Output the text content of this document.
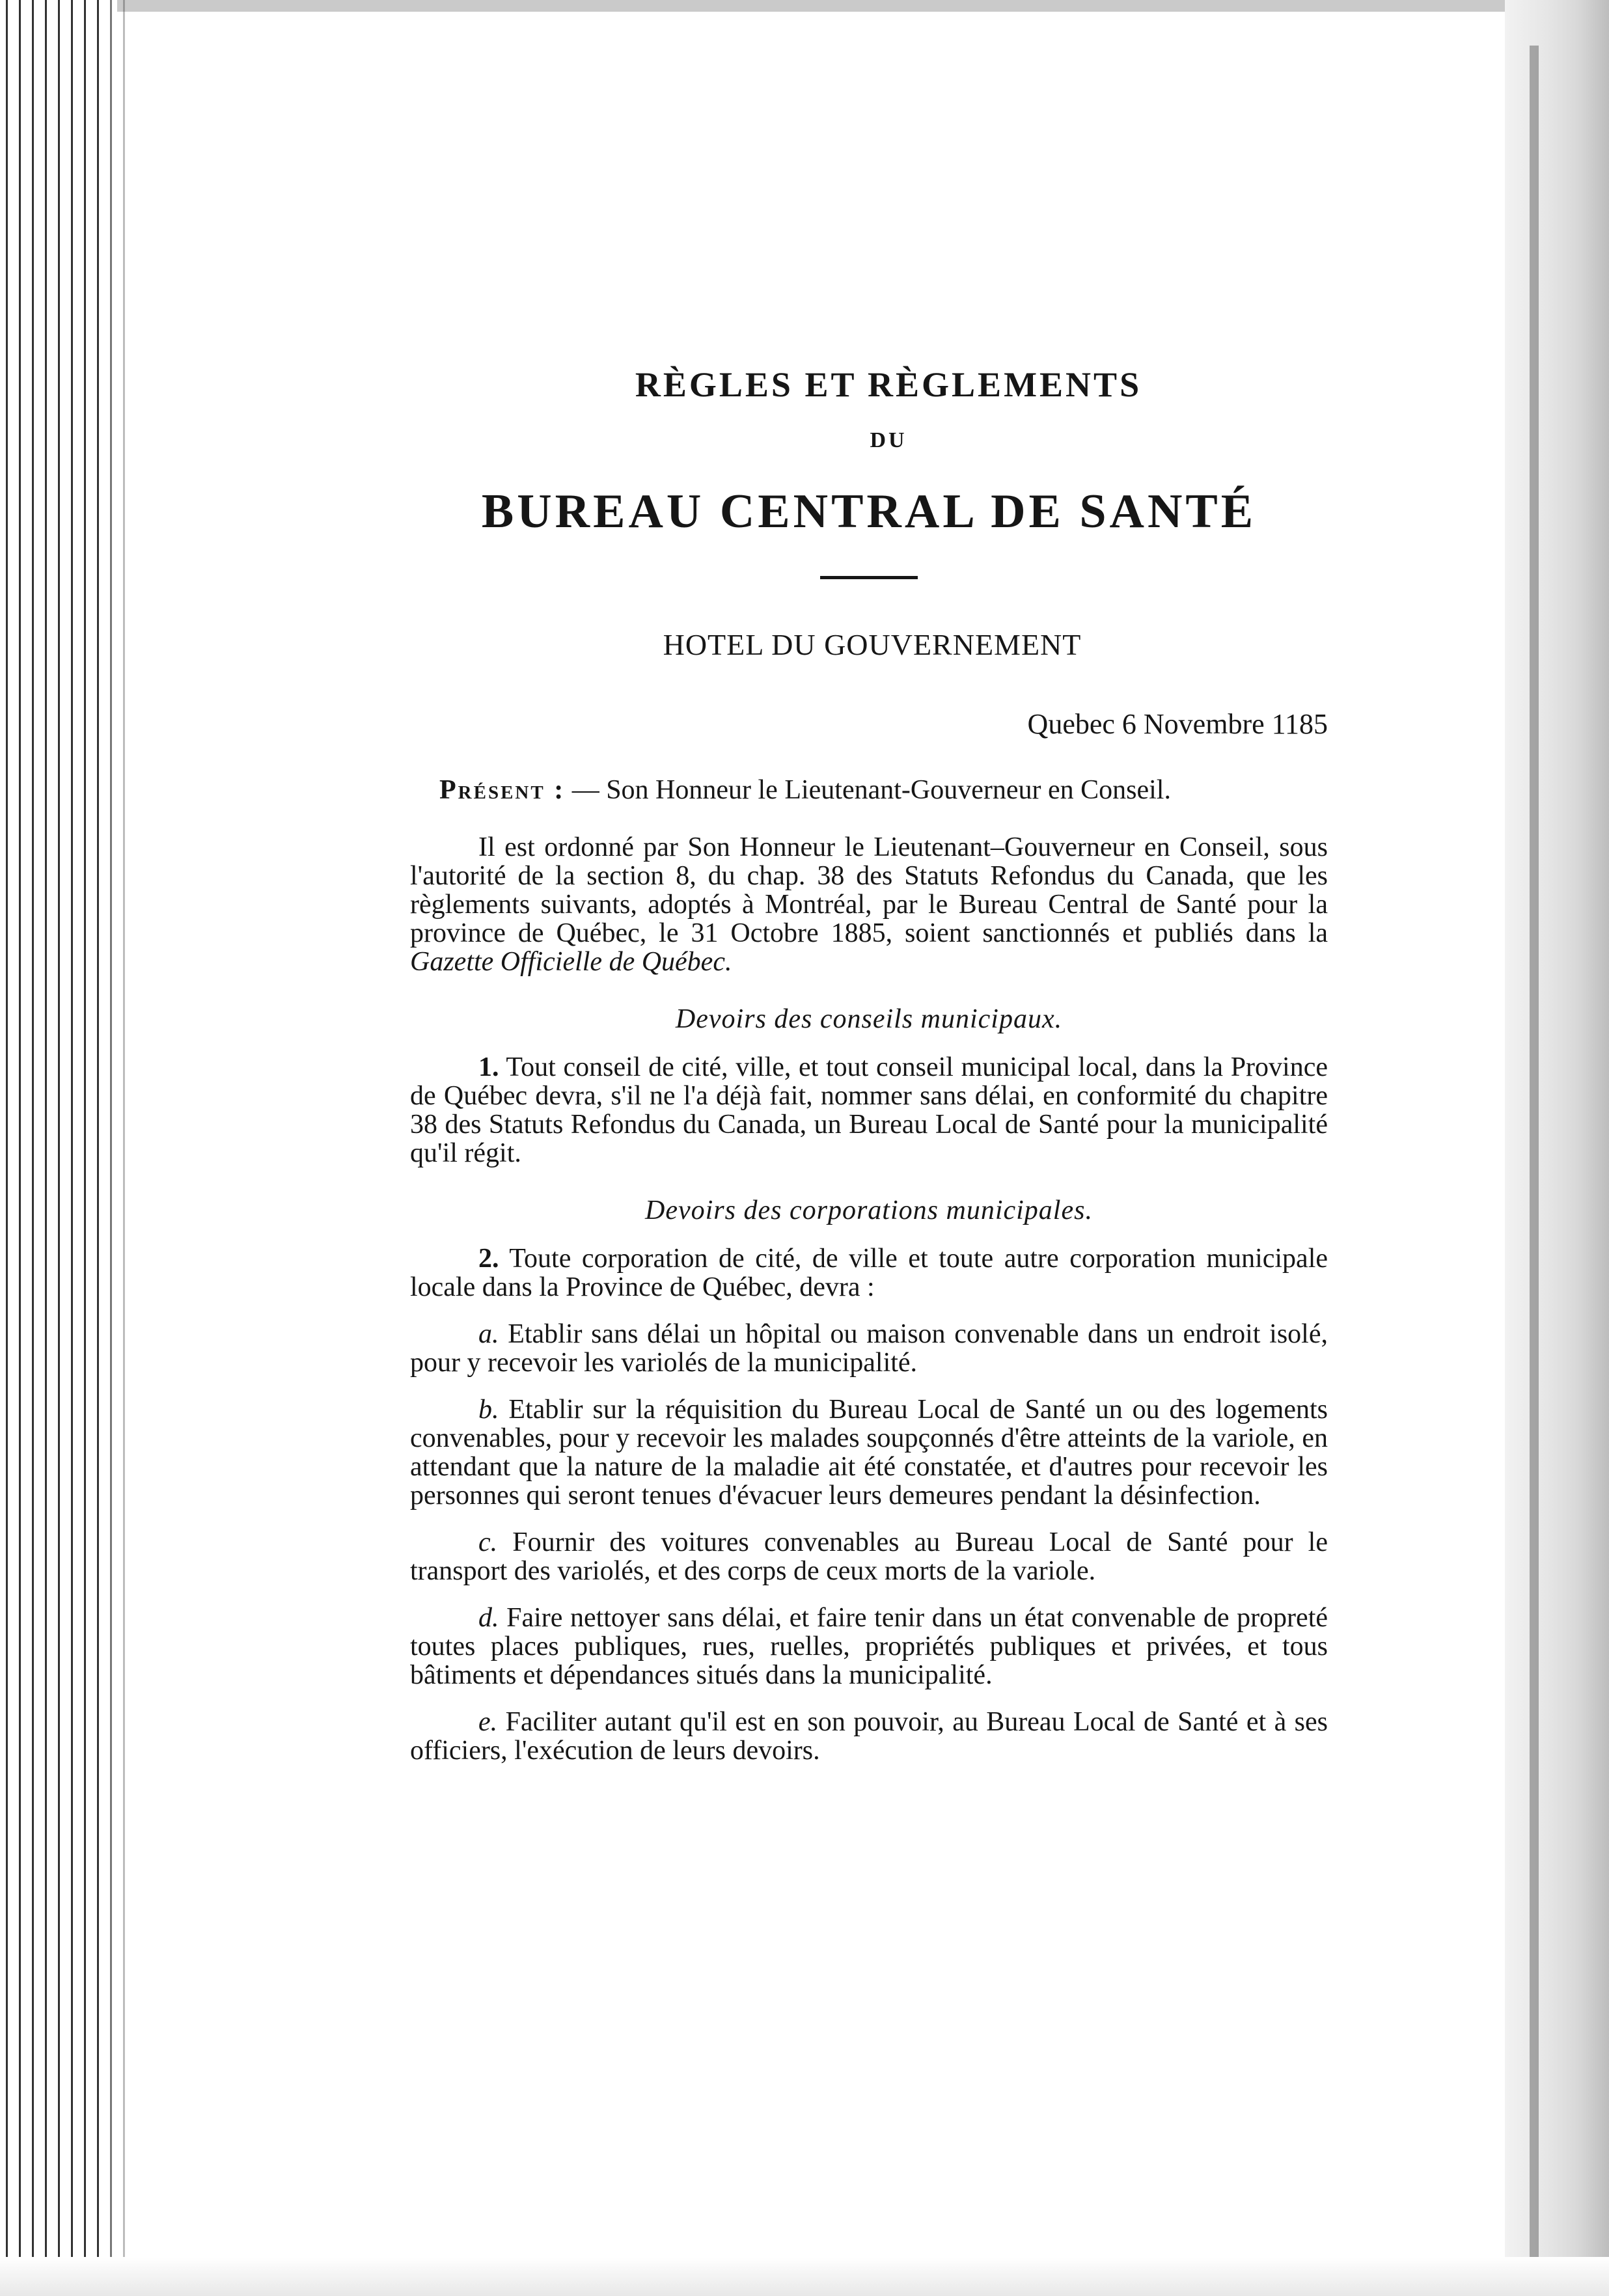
RÈGLES ET RÈGLEMENTS
DU
BUREAU CENTRAL DE SANTÉ
HOTEL DU GOUVERNEMENT
Quebec 6 Novembre 1185
Présent : — Son Honneur le Lieutenant-Gouverneur en Conseil.

Il est ordonné par Son Honneur le Lieutenant–Gouverneur en Conseil, sous l'autorité de la section 8, du chap. 38 des Statuts Refondus du Canada, que les règlements suivants, adoptés à Montréal, par le Bureau Central de Santé pour la province de Québec, le 31 Octobre 1885, soient sanctionnés et publiés dans la Gazette Officielle de Québec.

Devoirs des conseils municipaux.

1. Tout conseil de cité, ville, et tout conseil municipal local, dans la Province de Québec devra, s'il ne l'a déjà fait, nommer sans délai, en conformité du chapitre 38 des Statuts Refondus du Canada, un Bureau Local de Santé pour la municipalité qu'il régit.

Devoirs des corporations municipales.

2. Toute corporation de cité, de ville et toute autre corporation municipale locale dans la Province de Québec, devra :

a. Etablir sans délai un hôpital ou maison convenable dans un endroit isolé, pour y recevoir les variolés de la municipalité.

b. Etablir sur la réquisition du Bureau Local de Santé un ou des logements convenables, pour y recevoir les malades soupçonnés d'être atteints de la variole, en attendant que la nature de la maladie ait été constatée, et d'autres pour recevoir les personnes qui seront tenues d'évacuer leurs demeures pendant la désinfection.

c. Fournir des voitures convenables au Bureau Local de Santé pour le transport des variolés, et des corps de ceux morts de la variole.

d. Faire nettoyer sans délai, et faire tenir dans un état convenable de propreté toutes places publiques, rues, ruelles, propriétés publiques et privées, et tous bâtiments et dépendances situés dans la municipalité.

e. Faciliter autant qu'il est en son pouvoir, au Bureau Local de Santé et à ses officiers, l'exécution de leurs devoirs.
